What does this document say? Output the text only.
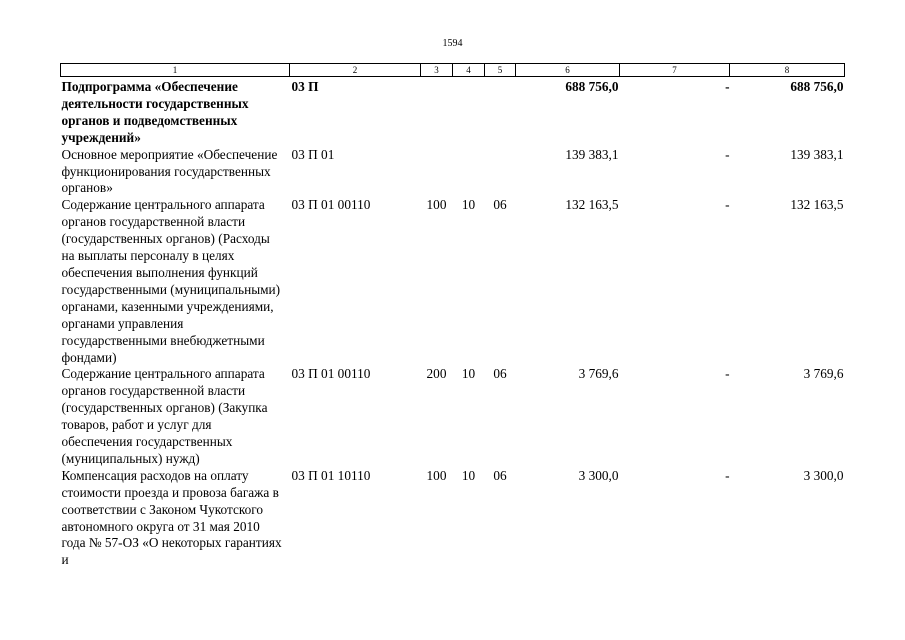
1594
1	2	3	4	5	6	7	8
Подпрограмма «Обеспечение деятельности государственных органов и подведомственных учреждений»	03 П				688 756,0	-	688 756,0
Основное мероприятие «Обеспечение функционирования государственных органов»	03 П 01				139 383,1	-	139 383,1
Содержание центрального аппарата органов государственной власти (государственных органов) (Расходы на выплаты персоналу в целях обеспечения выполнения функций государственными (муниципальными) органами, казенными учреждениями, органами управления государственными внебюджетными фондами)	03 П 01 00110	100	10	06	132 163,5	-	132 163,5
Содержание центрального аппарата органов государственной власти (государственных органов) (Закупка товаров, работ и услуг для обеспечения государственных (муниципальных) нужд)	03 П 01 00110	200	10	06	3 769,6	-	3 769,6
Компенсация расходов на оплату стоимости проезда и провоза багажа в соответствии с Законом Чукотского автономного округа от 31 мая 2010 года № 57-ОЗ «О некоторых гарантиях и	03 П 01 10110	100	10	06	3 300,0	-	3 300,0
